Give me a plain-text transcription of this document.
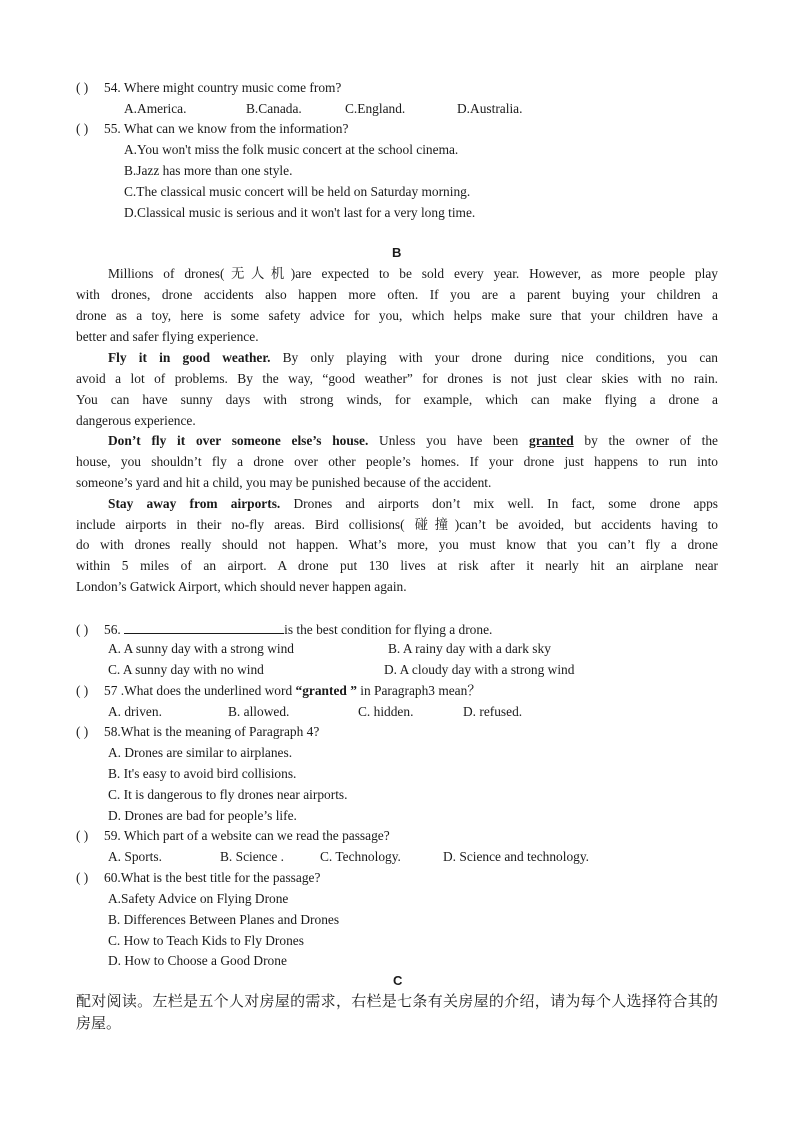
( ) 54. Where might country music come from?
A.America.	B.Canada.	C.England.	D.Australia.
( ) 55. What can we know from the information?
A.You won't miss the folk music concert at the school cinema.
B.Jazz has more than one style.
C.The classical music concert will be held on Saturday morning.
D.Classical music is serious and it won't last for a very long time.
B
Millions of drones(无人机)are expected to be sold every year. However, as more people play
with drones, drone accidents also happen more often. If you are a parent buying your children a
drone as a toy, here is some safety advice for you, which helps make sure that your children have a
better and safer flying experience.
Fly it in good weather. By only playing with your drone during nice conditions, you can
avoid a lot of problems. By the way, “good weather” for drones is not just clear skies with no rain.
You can have sunny days with strong winds, for example, which can make flying a drone a
dangerous experience.
Don’t fly it over someone else’s house. Unless you have been granted by the owner of the
house, you shouldn’t fly a drone over other people’s homes. If your drone just happens to run into
someone’s yard and hit a child, you may be punished because of the accident.
Stay away from airports. Drones and airports don’t mix well. In fact, some drone apps
include airports in their no-fly areas. Bird collisions( 碰撞)can’t be avoided, but accidents having to
do with drones really should not happen. What’s more, you must know that you can’t fly a drone
within 5 miles of an airport. A drone put 130 lives at risk after it nearly hit an airplane near
London’s Gatwick Airport, which should never happen again.
( ) 56.	is the best condition for flying a drone.
A. A sunny day with a strong wind	B. A rainy day with a dark sky
C. A sunny day with no wind	D. A cloudy day with a strong wind
( ) 57 .What does the underlined word “granted ” in Paragraph3 mean？
A. driven.	B. allowed.	C. hidden.	D. refused.
( ) 58.What is the meaning of Paragraph 4?
A. Drones are similar to airplanes.
B. It's easy to avoid bird collisions.
C. It is dangerous to fly drones near airports.
D. Drones are bad for people’s life.
( ) 59. Which part of a website can we read the passage?
A. Sports.	B. Science .	C. Technology.	D. Science and technology.
( ) 60.What is the best title for the passage?
A.Safety Advice on Flying Drone
B. Differences Between Planes and Drones
C. How to Teach Kids to Fly Drones
D. How to Choose a Good Drone
C
配对阅读。左栏是五个人对房屋的需求，右栏是七条有关房屋的介绍，请为每个人选择符合其的房屋。
